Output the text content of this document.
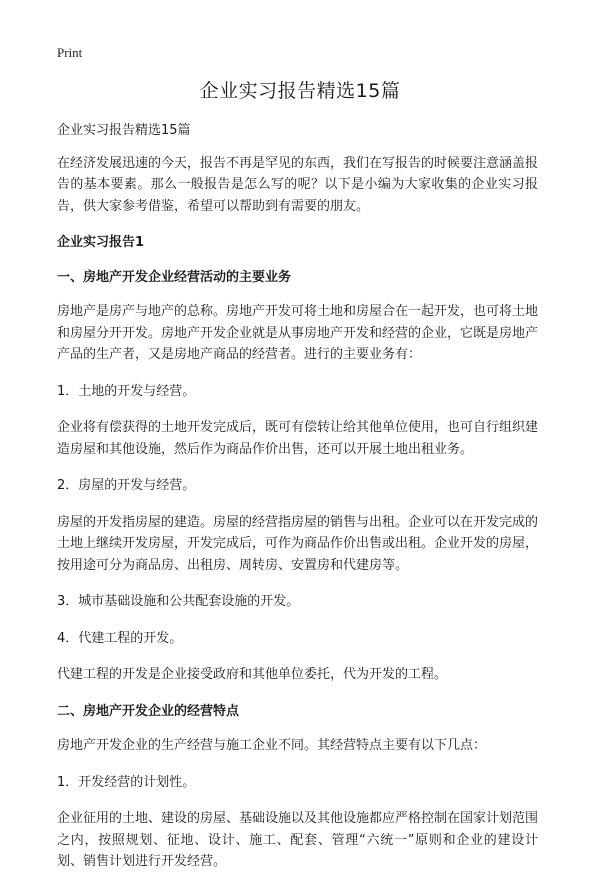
Print
企业实习报告精选15篇

企业实习报告精选15篇

在经济发展迅速的今天，报告不再是罕见的东西，我们在写报告的时候要注意涵盖报告的基本要素。那么一般报告是怎么写的呢？以下是小编为大家收集的企业实习报告，供大家参考借鉴，希望可以帮助到有需要的朋友。

企业实习报告1

一、房地产开发企业经营活动的主要业务

房地产是房产与地产的总称。房地产开发可将土地和房屋合在一起开发，也可将土地和房屋分开开发。房地产开发企业就是从事房地产开发和经营的企业，它既是房地产产品的生产者，又是房地产商品的经营者。进行的主要业务有：

1．土地的开发与经营。

企业将有偿获得的土地开发完成后，既可有偿转让给其他单位使用，也可自行组织建造房屋和其他设施，然后作为商品作价出售，还可以开展土地出租业务。

2．房屋的开发与经营。

房屋的开发指房屋的建造。房屋的经营指房屋的销售与出租。企业可以在开发完成的土地上继续开发房屋，开发完成后，可作为商品作价出售或出租。企业开发的房屋，按用途可分为商品房、出租房、周转房、安置房和代建房等。

3．城市基础设施和公共配套设施的开发。

4．代建工程的开发。

代建工程的开发是企业接受政府和其他单位委托，代为开发的工程。

二、房地产开发企业的经营特点

房地产开发企业的生产经营与施工企业不同。其经营特点主要有以下几点：

1．开发经营的计划性。

企业征用的土地、建设的房屋、基础设施以及其他设施都应严格控制在国家计划范围之内，按照规划、征地、设计、施工、配套、管理“六统一”原则和企业的建设计划、销售计划进行开发经营。
